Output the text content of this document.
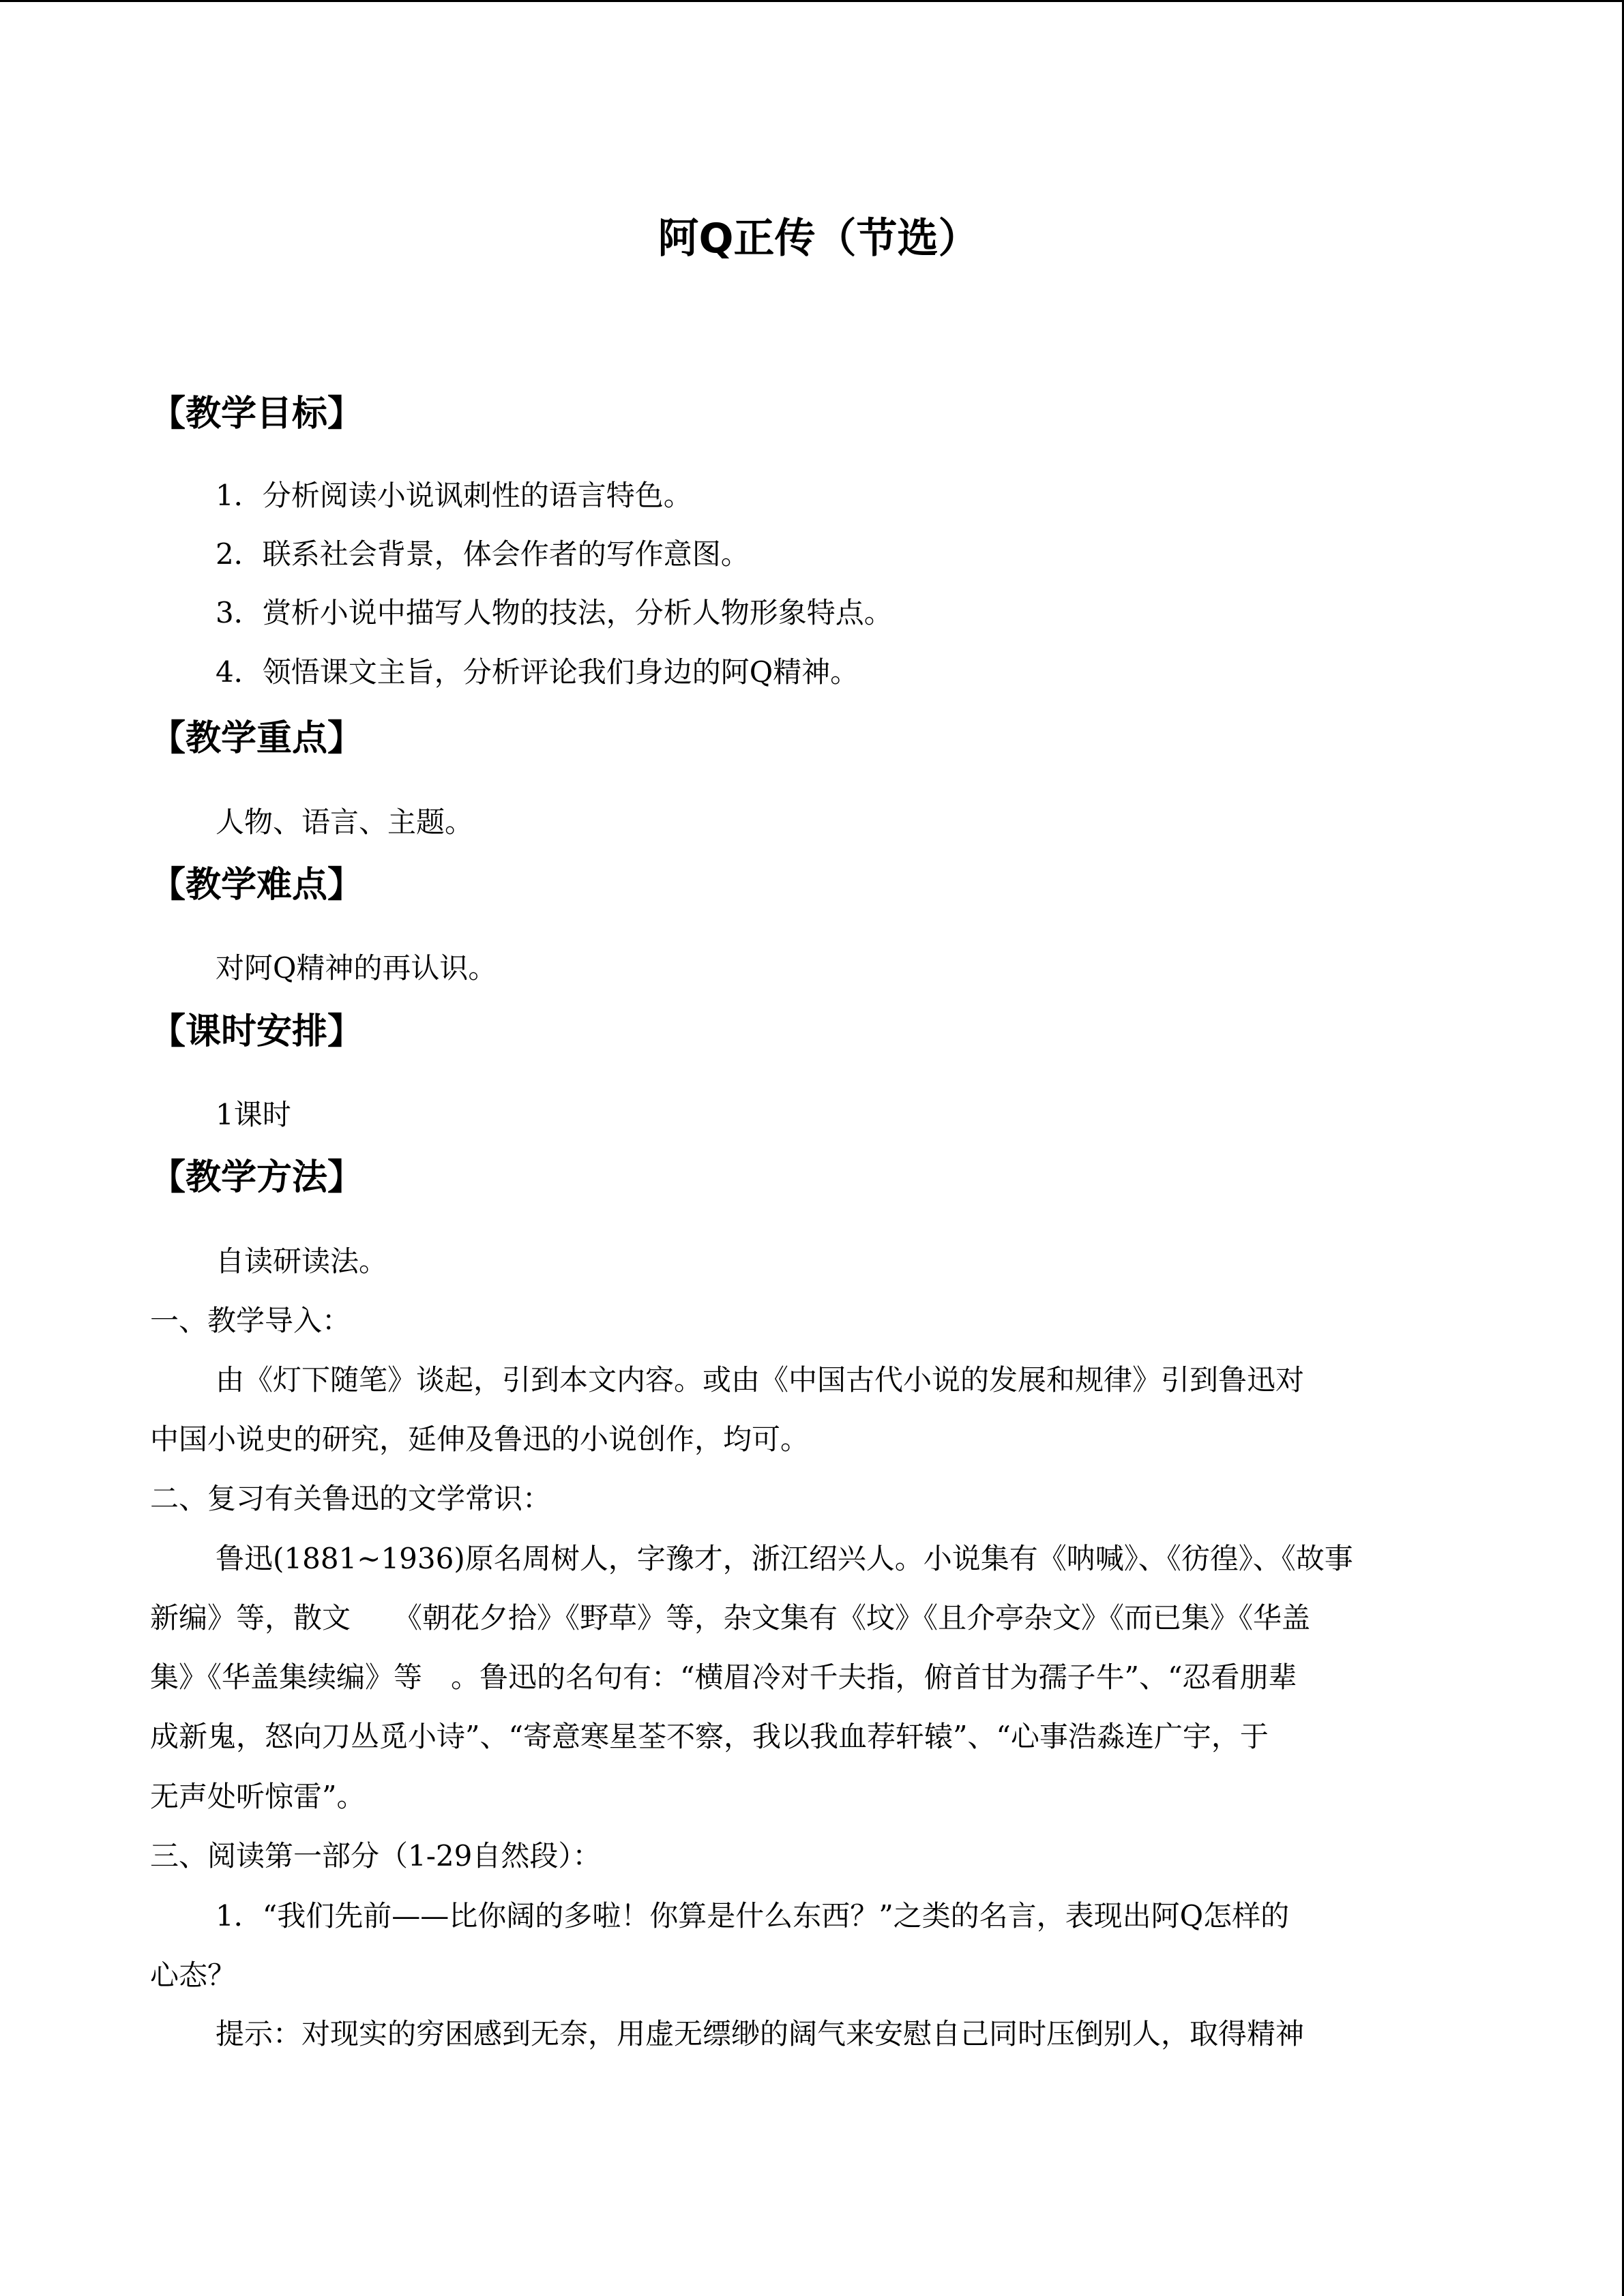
阿Q正传（节选）
【教学目标】
1．分析阅读小说讽刺性的语言特色。
2．联系社会背景，体会作者的写作意图。
3．赏析小说中描写人物的技法，分析人物形象特点。
4．领悟课文主旨，分析评论我们身边的阿Q精神。
【教学重点】
人物、语言、主题。
【教学难点】
对阿Q精神的再认识。
【课时安排】
1课时
【教学方法】
自读研读法。
一、教学导入：
由《灯下随笔》谈起，引到本文内容。或由《中国古代小说的发展和规律》引到鲁迅对
中国小说史的研究，延伸及鲁迅的小说创作，均可。
二、复习有关鲁迅的文学常识：
鲁迅(1881~1936)原名周树人，字豫才，浙江绍兴人。小说集有《呐喊》、《彷徨》、《故事
新编》等，散文　　《朝花夕拾》《野草》等，杂文集有《坟》《且介亭杂文》《而已集》《华盖
集》《华盖集续编》等　。鲁迅的名句有：“横眉冷对千夫指，俯首甘为孺子牛”、“忍看朋辈
成新鬼，怒向刀丛觅小诗”、“寄意寒星荃不察，我以我血荐轩辕”、“心事浩淼连广宇，于
无声处听惊雷”。
三、阅读第一部分（1-29自然段）：
1．“我们先前——比你阔的多啦！你算是什么东西？”之类的名言，表现出阿Q怎样的
心态？
提示：对现实的穷困感到无奈，用虚无缥缈的阔气来安慰自己同时压倒别人，取得精神
